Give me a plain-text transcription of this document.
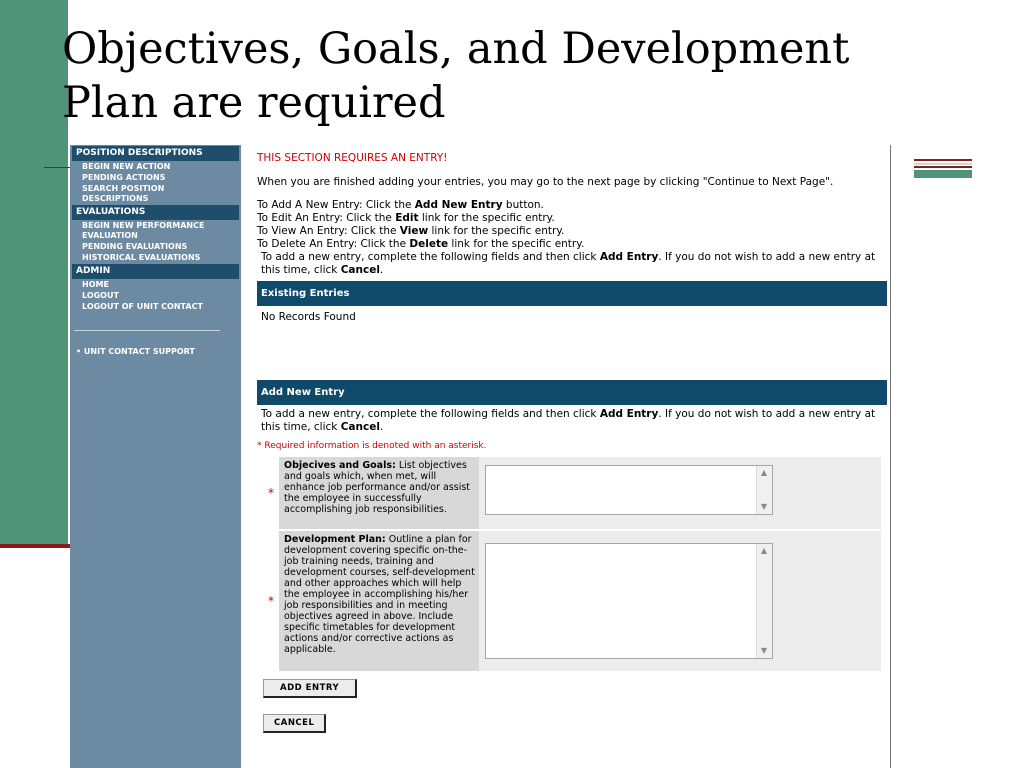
Objectives, Goals, and Development
Plan are required
POSITION DESCRIPTIONS
BEGIN NEW ACTION
PENDING ACTIONS
SEARCH POSITION DESCRIPTIONS
EVALUATIONS
BEGIN NEW PERFORMANCE EVALUATION
PENDING EVALUATIONS
HISTORICAL EVALUATIONS
ADMIN
HOME
LOGOUT
LOGOUT OF UNIT CONTACT
• UNIT CONTACT SUPPORT

THIS SECTION REQUIRES AN ENTRY!

When you are finished adding your entries, you may go to the next page by clicking "Continue to Next Page".

To Add A New Entry: Click the Add New Entry button.

To Edit An Entry: Click the Edit link for the specific entry.

To View An Entry: Click the View link for the specific entry.

To Delete An Entry: Click the Delete link for the specific entry.

To add a new entry, complete the following fields and then click Add Entry. If you do not wish to add a new entry at this time, click Cancel.

Existing Entries

No Records Found

Add New Entry

To add a new entry, complete the following fields and then click Add Entry. If you do not wish to add a new entry at this time, click Cancel.

* Required information is denoted with an asterisk.

*
Objecives and Goals: List objectives and goals which, when met, will enhance job performance and/or assist the employee in successfully accomplishing job responsibilities.
▲
▼
*
Development Plan: Outline a plan for development covering specific on-the-job training needs, training and development courses, self-development and other approaches which will help the employee in accomplishing his/her job responsibilities and in meeting objectives agreed in above. Include specific timetables for development actions and/or corrective actions as applicable.
▲
▼
ADD ENTRY
CANCEL
